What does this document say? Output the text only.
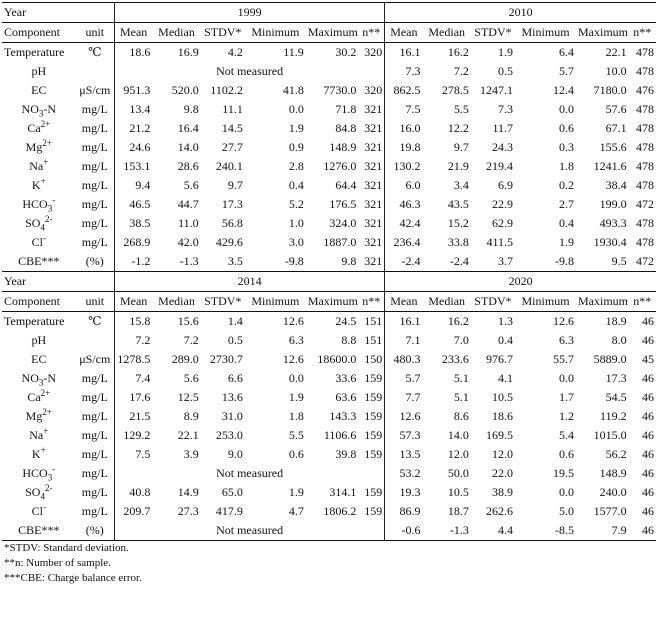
Year		1999						2010					
Component	unit	Mean	Median	STDV*	Minimum	Maximum	n**	Mean	Median	STDV*	Minimum	Maximum	n**
Temperature	℃	18.6	16.9	4.2	11.9	30.2	320	16.1	16.2	1.9	6.4	22.1	478
pH		Not measured						7.3	7.2	0.5	5.7	10.0	478
EC	μS/cm	951.3	520.0	1102.2	41.8	7730.0	320	862.5	278.5	1247.1	12.4	7180.0	476
$NO_3-N$	mg/L	13.4	9.8	11.1	0.0	71.8	321	7.5	5.5	7.3	0.0	57.6	478
$Ca^{2+}$	mg/L	21.2	16.4	14.5	1.9	84.8	321	16.0	12.2	11.7	0.6	67.1	478
$Mg^{2+}$	mg/L	24.6	14.0	27.7	0.9	148.9	321	19.8	9.7	24.3	0.3	155.6	478
Na+	mg/L	153.1	28.6	240.1	2.8	1276.0	321	130.2	21.9	219.4	1.8	1241.6	478
K+	mg/L	9.4	5.6	9.7	0.4	64.4	321	6.0	3.4	6.9	0.2	38.4	478
$HCO_3^-$	mg/L	46.5	44.7	17.3	5.2	176.5	321	46.3	43.5	22.9	2.7	199.0	472
$SO_4^{2-}$	mg/L	38.5	11.0	56.8	1.0	324.0	321	42.4	15.2	62.9	0.4	493.3	478
Cl-	mg/L	268.9	42.0	429.6	3.0	1887.0	321	236.4	33.8	411.5	1.9	1930.4	478
CBE***	(%)	-1.2	-1.3	3.5	-9.8	9.8	321	-2.4	-2.4	3.7	-9.8	9.5	472
Year		2014						2020					
Component	unit	Mean	Median	STDV*	Minimum	Maximum	n**	Mean	Median	STDV*	Minimum	Maximum	n**
Temperature	℃	15.8	15.6	1.4	12.6	24.5	151	16.1	16.2	1.3	12.6	18.9	46
pH		7.2	7.2	0.5	6.3	8.8	151	7.1	7.0	0.4	6.3	8.0	46
EC	μS/cm	1278.5	289.0	2730.7	12.6	18600.0	150	480.3	233.6	976.7	55.7	5889.0	45
$NO_3-N$	mg/L	7.4	5.6	6.6	0.0	33.6	159	5.7	5.1	4.1	0.0	17.3	46
$Ca^{2+}$	mg/L	17.6	12.5	13.6	1.9	63.6	159	7.7	5.1	10.5	1.7	54.5	46
$Mg^{2+}$	mg/L	21.5	8.9	31.0	1.8	143.3	159	12.6	8.6	18.6	1.2	119.2	46
Na+	mg/L	129.2	22.1	253.0	5.5	1106.6	159	57.3	14.0	169.5	5.4	1015.0	46
K+	mg/L	7.5	3.9	9.0	0.6	39.8	159	13.5	12.0	12.0	0.6	56.2	46
$HCO_3^-$	mg/L	Not measured						53.2	50.0	22.0	19.5	148.9	46
$SO_4^{2-}$	mg/L	40.8	14.9	65.0	1.9	314.1	159	19.3	10.5	38.9	0.0	240.0	46
Cl-	mg/L	209.7	27.3	417.9	4.7	1806.2	159	86.9	18.7	262.6	5.0	1577.0	46
CBE***	(%)	Not measured						-0.6	-1.3	4.4	-8.5	7.9	46
*STDV: Standard deviation.
**n: Number of sample.
***CBE: Charge balance error.
